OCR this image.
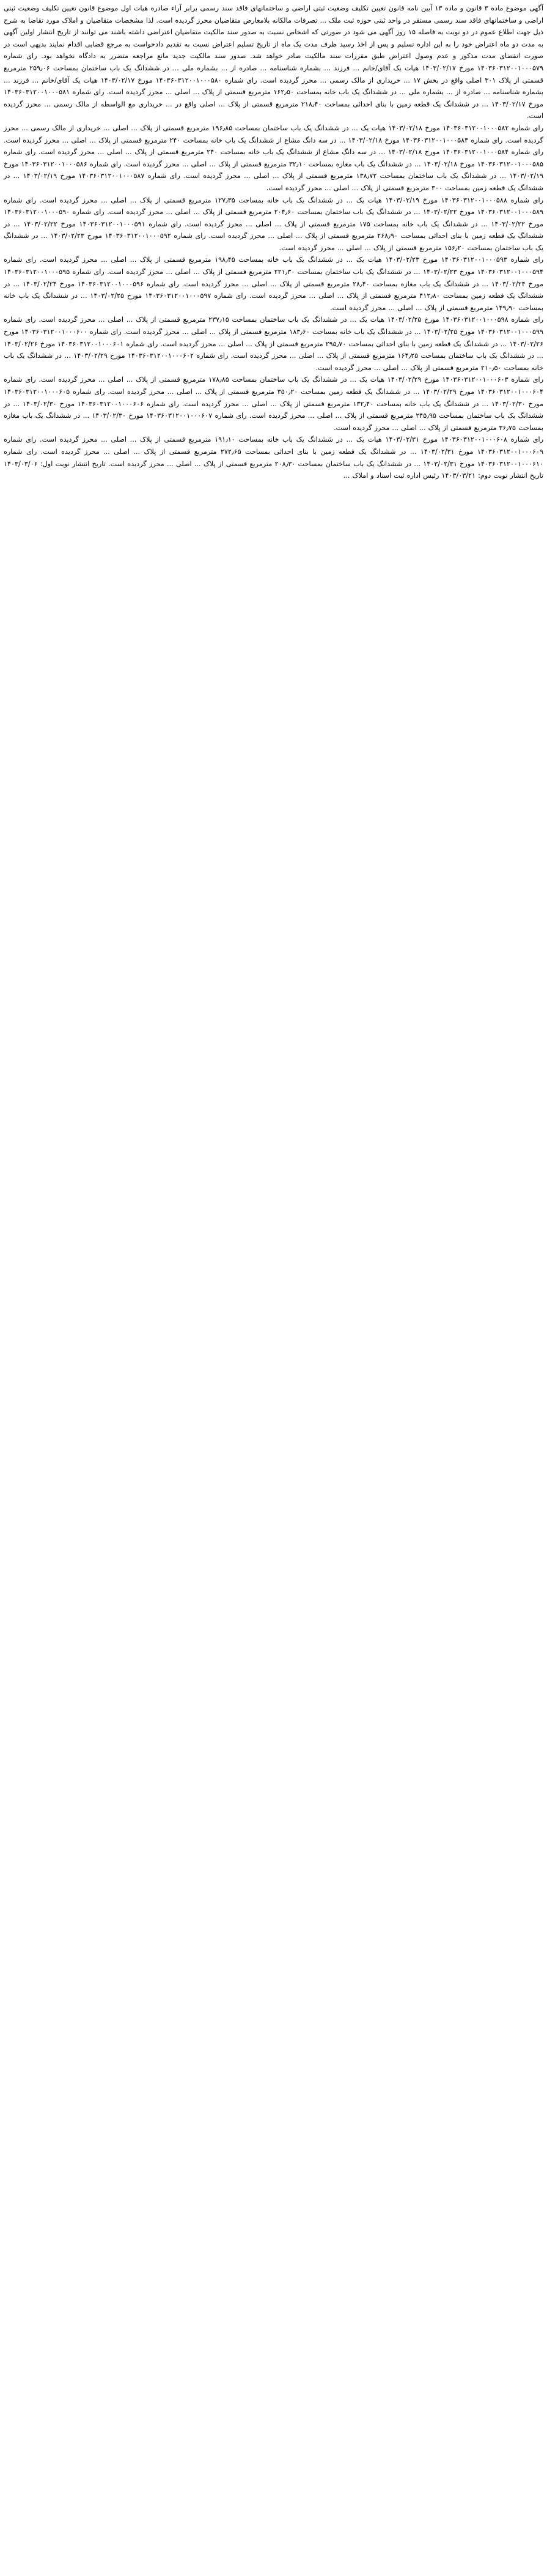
آگهی موضوع ماده ۳ قانون و ماده ۱۳ آیین نامه قانون تعیین تکلیف وضعیت ثبتی اراضی و ساختمانهای فاقد سند رسمی برابر آراء صادره هیات اول موضوع قانون تعیین تکلیف وضعیت ثبتی اراضی و ساختمانهای فاقد سند رسمی مستقر در واحد ثبتی حوزه ثبت ملک ... تصرفات مالکانه بلامعارض متقاضیان محرز گردیده است. لذا مشخصات متقاضیان و املاک مورد تقاضا به شرح ذیل جهت اطلاع عموم در دو نوبت به فاصله ۱۵ روز آگهی می شود در صورتی که اشخاص نسبت به صدور سند مالکیت متقاضیان اعتراضی داشته باشند می توانند از تاریخ انتشار اولین آگهی به مدت دو ماه اعتراض خود را به این اداره تسلیم و پس از اخذ رسید ظرف مدت یک ماه از تاریخ تسلیم اعتراض نسبت به تقدیم دادخواست به مرجع قضایی اقدام نمایند بدیهی است در صورت انقضای مدت مذکور و عدم وصول اعتراض طبق مقررات سند مالکیت صادر خواهد شد. صدور سند مالکیت جدید مانع مراجعه متضرر به دادگاه نخواهد بود. رای شماره ۱۴۰۳۶۰۳۱۲۰۰۱۰۰۰۵۷۹ مورخ ۱۴۰۳/۰۲/۱۷ هیات یک آقای/خانم ... فرزند ... بشماره شناسنامه ... صادره از ... بشماره ملی ... در ششدانگ یک باب ساختمان بمساحت ۲۵۹٫۰۶ مترمربع قسمتی از پلاک ۳۰۱ اصلی واقع در بخش ۱۷ ... خریداری از مالک رسمی ... محرز گردیده است. رای شماره ۱۴۰۳۶۰۳۱۲۰۰۱۰۰۰۵۸۰ مورخ ۱۴۰۳/۰۲/۱۷ هیات یک آقای/خانم ... فرزند ... بشماره شناسنامه ... صادره از ... بشماره ملی ... در ششدانگ یک باب خانه بمساحت ۱۶۲٫۵۰ مترمربع قسمتی از پلاک ... اصلی ... محرز گردیده است. رای شماره ۱۴۰۳۶۰۳۱۲۰۰۱۰۰۰۵۸۱ مورخ ۱۴۰۳/۰۲/۱۷ ... در ششدانگ یک قطعه زمین با بنای احداثی بمساحت ۲۱۸٫۴۰ مترمربع قسمتی از پلاک ... اصلی واقع در ... خریداری مع الواسطه از مالک رسمی ... محرز گردیده است.

رای شماره ۱۴۰۳۶۰۳۱۲۰۰۱۰۰۰۵۸۲ مورخ ۱۴۰۳/۰۲/۱۸ هیات یک ... در ششدانگ یک باب ساختمان بمساحت ۱۹۶٫۸۵ مترمربع قسمتی از پلاک ... اصلی ... خریداری از مالک رسمی ... محرز گردیده است. رای شماره ۱۴۰۳۶۰۳۱۲۰۰۱۰۰۰۵۸۳ مورخ ۱۴۰۳/۰۲/۱۸ ... در سه دانگ مشاع از ششدانگ یک باب خانه بمساحت ۲۴۰ مترمربع قسمتی از پلاک ... اصلی ... محرز گردیده است. رای شماره ۱۴۰۳۶۰۳۱۲۰۰۱۰۰۰۵۸۴ مورخ ۱۴۰۳/۰۲/۱۸ ... در سه دانگ مشاع از ششدانگ یک باب خانه بمساحت ۲۴۰ مترمربع قسمتی از پلاک ... اصلی ... محرز گردیده است. رای شماره ۱۴۰۳۶۰۳۱۲۰۰۱۰۰۰۵۸۵ مورخ ۱۴۰۳/۰۲/۱۸ ... در ششدانگ یک باب مغازه بمساحت ۳۲٫۱۰ مترمربع قسمتی از پلاک ... اصلی ... محرز گردیده است. رای شماره ۱۴۰۳۶۰۳۱۲۰۰۱۰۰۰۵۸۶ مورخ ۱۴۰۳/۰۲/۱۹ ... در ششدانگ یک باب ساختمان بمساحت ۱۳۸٫۷۲ مترمربع قسمتی از پلاک ... اصلی ... محرز گردیده است. رای شماره ۱۴۰۳۶۰۳۱۲۰۰۱۰۰۰۵۸۷ مورخ ۱۴۰۳/۰۲/۱۹ ... در ششدانگ یک قطعه زمین بمساحت ۳۰۰ مترمربع قسمتی از پلاک ... اصلی ... محرز گردیده است.

رای شماره ۱۴۰۳۶۰۳۱۲۰۰۱۰۰۰۵۸۸ مورخ ۱۴۰۳/۰۲/۱۹ هیات یک ... در ششدانگ یک باب خانه بمساحت ۱۲۷٫۳۵ مترمربع قسمتی از پلاک ... اصلی ... محرز گردیده است. رای شماره ۱۴۰۳۶۰۳۱۲۰۰۱۰۰۰۵۸۹ مورخ ۱۴۰۳/۰۲/۲۲ ... در ششدانگ یک باب ساختمان بمساحت ۲۰۴٫۶۰ مترمربع قسمتی از پلاک ... اصلی ... محرز گردیده است. رای شماره ۱۴۰۳۶۰۳۱۲۰۰۱۰۰۰۵۹۰ مورخ ۱۴۰۳/۰۲/۲۲ ... در ششدانگ یک باب خانه بمساحت ۱۷۵ مترمربع قسمتی از پلاک ... اصلی ... محرز گردیده است. رای شماره ۱۴۰۳۶۰۳۱۲۰۰۱۰۰۰۵۹۱ مورخ ۱۴۰۳/۰۲/۲۲ ... در ششدانگ یک قطعه زمین با بنای احداثی بمساحت ۲۶۸٫۹۰ مترمربع قسمتی از پلاک ... اصلی ... محرز گردیده است. رای شماره ۱۴۰۳۶۰۳۱۲۰۰۱۰۰۰۵۹۲ مورخ ۱۴۰۳/۰۲/۲۳ ... در ششدانگ یک باب ساختمان بمساحت ۱۵۶٫۲۰ مترمربع قسمتی از پلاک ... اصلی ... محرز گردیده است.

رای شماره ۱۴۰۳۶۰۳۱۲۰۰۱۰۰۰۵۹۳ مورخ ۱۴۰۳/۰۲/۲۳ هیات یک ... در ششدانگ یک باب خانه بمساحت ۱۹۸٫۴۵ مترمربع قسمتی از پلاک ... اصلی ... محرز گردیده است. رای شماره ۱۴۰۳۶۰۳۱۲۰۰۱۰۰۰۵۹۴ مورخ ۱۴۰۳/۰۲/۲۳ ... در ششدانگ یک باب ساختمان بمساحت ۲۲۱٫۳۰ مترمربع قسمتی از پلاک ... اصلی ... محرز گردیده است. رای شماره ۱۴۰۳۶۰۳۱۲۰۰۱۰۰۰۵۹۵ مورخ ۱۴۰۳/۰۲/۲۴ ... در ششدانگ یک باب مغازه بمساحت ۲۸٫۴۰ مترمربع قسمتی از پلاک ... اصلی ... محرز گردیده است. رای شماره ۱۴۰۳۶۰۳۱۲۰۰۱۰۰۰۵۹۶ مورخ ۱۴۰۳/۰۲/۲۴ ... در ششدانگ یک قطعه زمین بمساحت ۴۱۲٫۸۰ مترمربع قسمتی از پلاک ... اصلی ... محرز گردیده است. رای شماره ۱۴۰۳۶۰۳۱۲۰۰۱۰۰۰۵۹۷ مورخ ۱۴۰۳/۰۲/۲۵ ... در ششدانگ یک باب خانه بمساحت ۱۴۹٫۹۰ مترمربع قسمتی از پلاک ... اصلی ... محرز گردیده است.

رای شماره ۱۴۰۳۶۰۳۱۲۰۰۱۰۰۰۵۹۸ مورخ ۱۴۰۳/۰۲/۲۵ هیات یک ... در ششدانگ یک باب ساختمان بمساحت ۲۳۷٫۱۵ مترمربع قسمتی از پلاک ... اصلی ... محرز گردیده است. رای شماره ۱۴۰۳۶۰۳۱۲۰۰۱۰۰۰۵۹۹ مورخ ۱۴۰۳/۰۲/۲۵ ... در ششدانگ یک باب خانه بمساحت ۱۸۳٫۶۰ مترمربع قسمتی از پلاک ... اصلی ... محرز گردیده است. رای شماره ۱۴۰۳۶۰۳۱۲۰۰۱۰۰۰۶۰۰ مورخ ۱۴۰۳/۰۲/۲۶ ... در ششدانگ یک قطعه زمین با بنای احداثی بمساحت ۲۹۵٫۷۰ مترمربع قسمتی از پلاک ... اصلی ... محرز گردیده است. رای شماره ۱۴۰۳۶۰۳۱۲۰۰۱۰۰۰۶۰۱ مورخ ۱۴۰۳/۰۲/۲۶ ... در ششدانگ یک باب ساختمان بمساحت ۱۶۴٫۲۵ مترمربع قسمتی از پلاک ... اصلی ... محرز گردیده است. رای شماره ۱۴۰۳۶۰۳۱۲۰۰۱۰۰۰۶۰۲ مورخ ۱۴۰۳/۰۲/۲۹ ... در ششدانگ یک باب خانه بمساحت ۲۱۰٫۵۰ مترمربع قسمتی از پلاک ... اصلی ... محرز گردیده است.

رای شماره ۱۴۰۳۶۰۳۱۲۰۰۱۰۰۰۶۰۳ مورخ ۱۴۰۳/۰۲/۲۹ هیات یک ... در ششدانگ یک باب ساختمان بمساحت ۱۷۸٫۸۵ مترمربع قسمتی از پلاک ... اصلی ... محرز گردیده است. رای شماره ۱۴۰۳۶۰۳۱۲۰۰۱۰۰۰۶۰۴ مورخ ۱۴۰۳/۰۲/۲۹ ... در ششدانگ یک قطعه زمین بمساحت ۳۵۰٫۲۰ مترمربع قسمتی از پلاک ... اصلی ... محرز گردیده است. رای شماره ۱۴۰۳۶۰۳۱۲۰۰۱۰۰۰۶۰۵ مورخ ۱۴۰۳/۰۲/۳۰ ... در ششدانگ یک باب خانه بمساحت ۱۳۲٫۴۰ مترمربع قسمتی از پلاک ... اصلی ... محرز گردیده است. رای شماره ۱۴۰۳۶۰۳۱۲۰۰۱۰۰۰۶۰۶ مورخ ۱۴۰۳/۰۲/۳۰ ... در ششدانگ یک باب ساختمان بمساحت ۲۴۵٫۹۵ مترمربع قسمتی از پلاک ... اصلی ... محرز گردیده است. رای شماره ۱۴۰۳۶۰۳۱۲۰۰۱۰۰۰۶۰۷ مورخ ۱۴۰۳/۰۲/۳۰ ... در ششدانگ یک باب مغازه بمساحت ۳۶٫۷۵ مترمربع قسمتی از پلاک ... اصلی ... محرز گردیده است.

رای شماره ۱۴۰۳۶۰۳۱۲۰۰۱۰۰۰۶۰۸ مورخ ۱۴۰۳/۰۲/۳۱ هیات یک ... در ششدانگ یک باب خانه بمساحت ۱۹۱٫۱۰ مترمربع قسمتی از پلاک ... اصلی ... محرز گردیده است. رای شماره ۱۴۰۳۶۰۳۱۲۰۰۱۰۰۰۶۰۹ مورخ ۱۴۰۳/۰۲/۳۱ ... در ششدانگ یک قطعه زمین با بنای احداثی بمساحت ۲۷۲٫۶۵ مترمربع قسمتی از پلاک ... اصلی ... محرز گردیده است. رای شماره ۱۴۰۳۶۰۳۱۲۰۰۱۰۰۰۶۱۰ مورخ ۱۴۰۳/۰۲/۳۱ ... در ششدانگ یک باب ساختمان بمساحت ۲۰۸٫۳۰ مترمربع قسمتی از پلاک ... اصلی ... محرز گردیده است. تاریخ انتشار نوبت اول: ۱۴۰۳/۰۳/۰۶ تاریخ انتشار نوبت دوم: ۱۴۰۳/۰۳/۲۱ رئیس اداره ثبت اسناد و املاک ...
